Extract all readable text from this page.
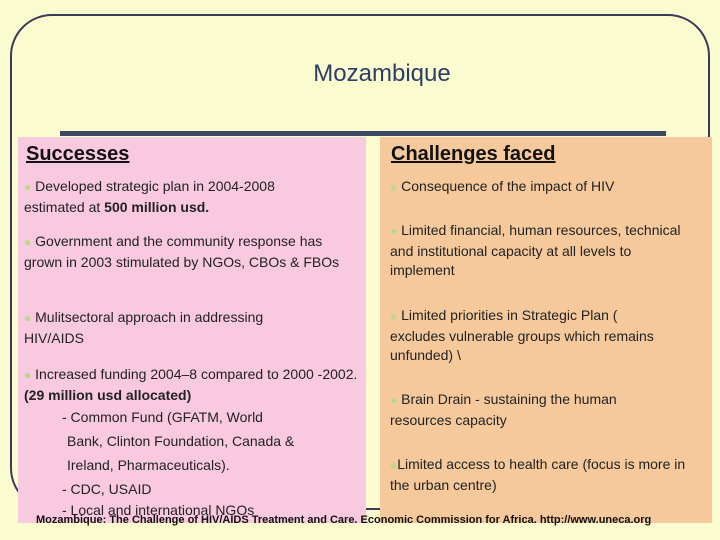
Mozambique
Successes
● Developed strategic plan in 2004-2008 estimated at 500 million usd.
● Government and the community response has grown in 2003 stimulated by NGOs, CBOs & FBOs
● Mulitsectoral approach in addressing HIV/AIDS
● Increased funding 2004–8 compared to 2000 -2002. (29 million usd allocated)
- Common Fund (GFATM, World
Bank, Clinton Foundation, Canada &
Ireland, Pharmaceuticals).
- CDC, USAID
- Local and international NGOs
Challenges faced
● Consequence of the impact of HIV
● Limited financial, human resources, technical and institutional capacity at all levels to implement
● Limited priorities in Strategic Plan ( excludes vulnerable groups which remains unfunded) \
● Brain Drain - sustaining the human resources capacity
●Limited access to health care (focus is more in the urban centre)
Mozambique: The Challenge of HIV/AIDS Treatment and Care. Economic Commission for Africa. http://www.uneca.org
